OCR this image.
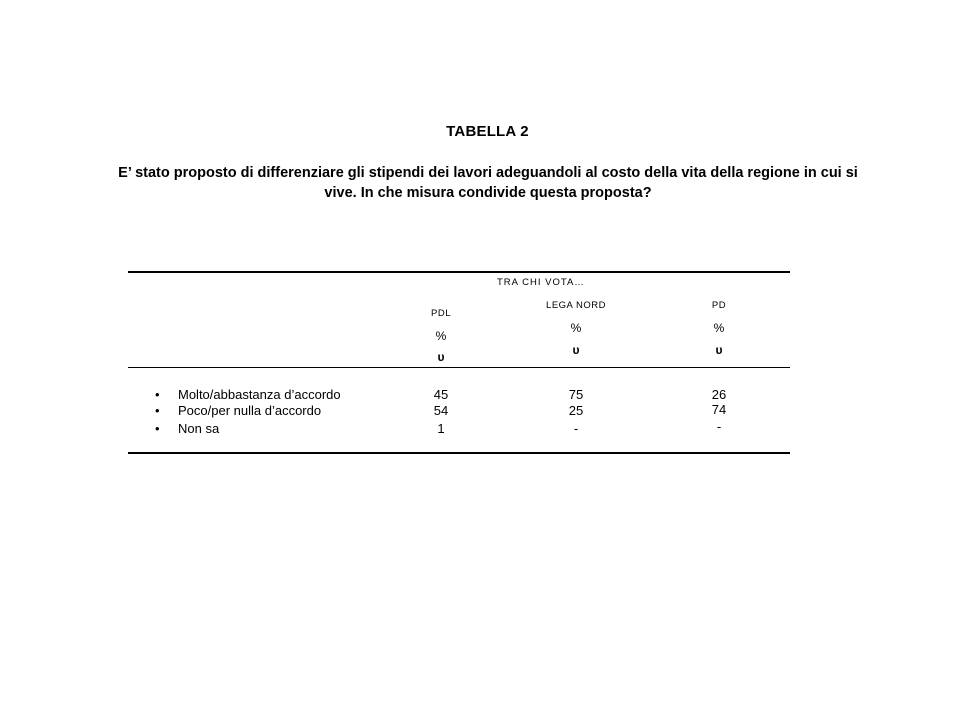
TABELLA 2
E’ stato proposto di differenziare gli stipendi dei lavori adeguandoli al costo della vita della regione in cui si
vive. In che misura condivide questa proposta?
TRA CHI VOTA…
PDL
%
υ
LEGA NORD
%
υ
PD
%
υ
• Molto/abbastanza d’accordo	45	75	26
• Poco/per nulla d’accordo	54	25	74
• Non sa	1	-	-
